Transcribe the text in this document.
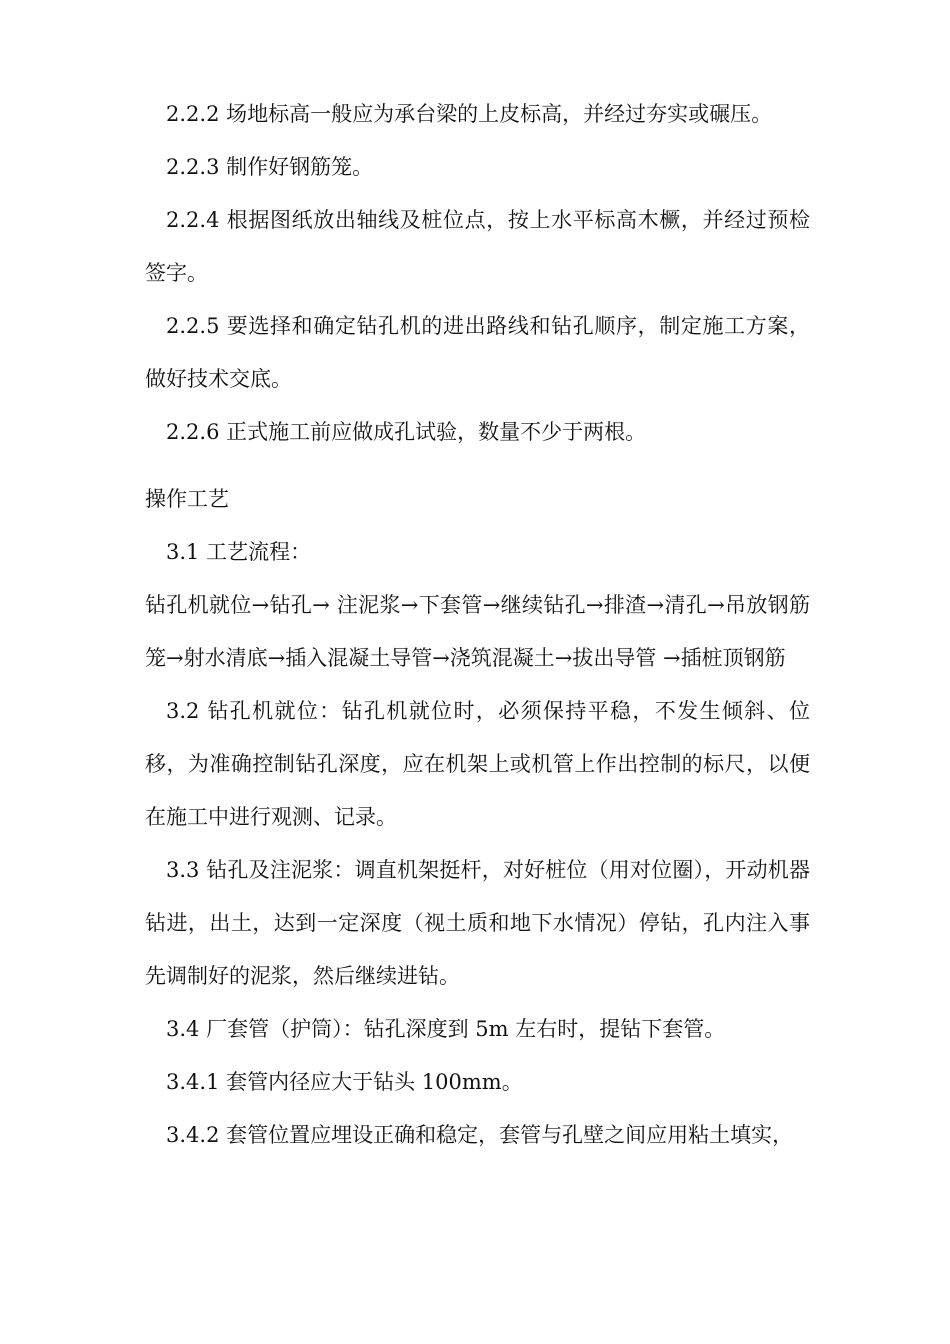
2.2.2 场地标高一般应为承台梁的上皮标高，并经过夯实或碾压。

2.2.3 制作好钢筋笼。

2.2.4 根据图纸放出轴线及桩位点，按上水平标高木橛，并经过预检签字。

2.2.5 要选择和确定钻孔机的进出路线和钻孔顺序，制定施工方案，做好技术交底。

2.2.6 正式施工前应做成孔试验，数量不少于两根。

操作工艺

3.1 工艺流程：

钻孔机就位→钻孔→ 注泥浆→下套管→继续钻孔→排渣→清孔→吊放钢筋笼→射水清底→插入混凝土导管→浇筑混凝土→拔出导管 →插桩顶钢筋

3.2 钻孔机就位：钻孔机就位时，必须保持平稳，不发生倾斜、位移，为准确控制钻孔深度，应在机架上或机管上作出控制的标尺，以便在施工中进行观测、记录。

3.3 钻孔及注泥浆：调直机架挺杆，对好桩位（用对位圈），开动机器钻进，出土，达到一定深度（视土质和地下水情况）停钻，孔内注入事先调制好的泥浆，然后继续进钻。

3.4 厂套管（护筒）：钻孔深度到 5m 左右时，提钻下套管。

3.4.1 套管内径应大于钻头 100mm。

3.4.2 套管位置应埋设正确和稳定，套管与孔壁之间应用粘土填实，
